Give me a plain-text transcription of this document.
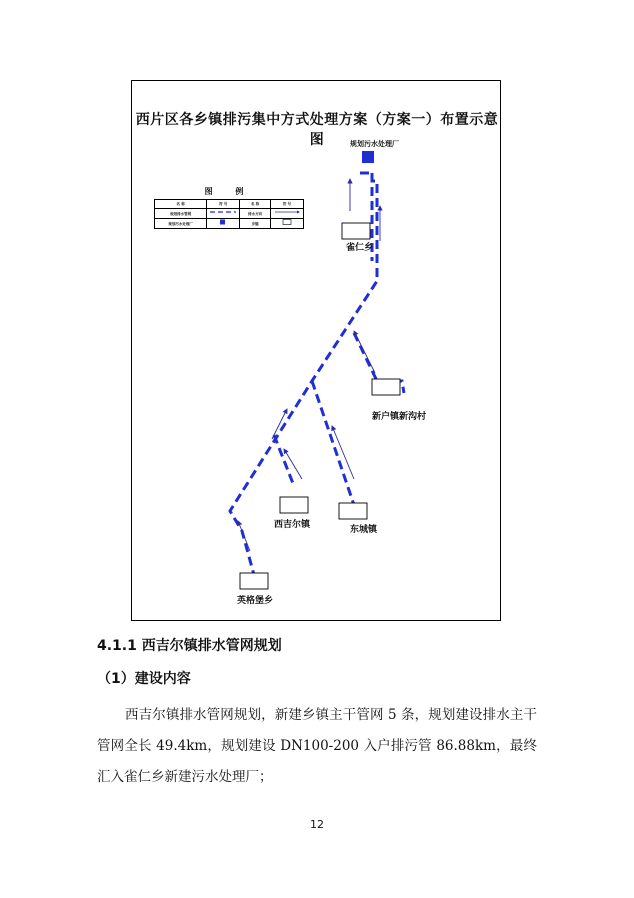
西片区各乡镇排污集中方式处理方案（方案一）布置示意图
图 例
名 称	符 号	名 称	符 号
规划排水管网		排水方向	
规划污水处理厂		乡镇	
规划污水处理厂
雀仁乡
新户镇新沟村
西吉尔镇	东城镇
英格堡乡
4.1.1 西吉尔镇排水管网规划
（1）建设内容

西吉尔镇排水管网规划，新建乡镇主干管网 5 条，规划建设排水主干管网全长 49.4km，规划建设 DN100-200 入户排污管 86.88km，最终汇入雀仁乡新建污水处理厂；

12
